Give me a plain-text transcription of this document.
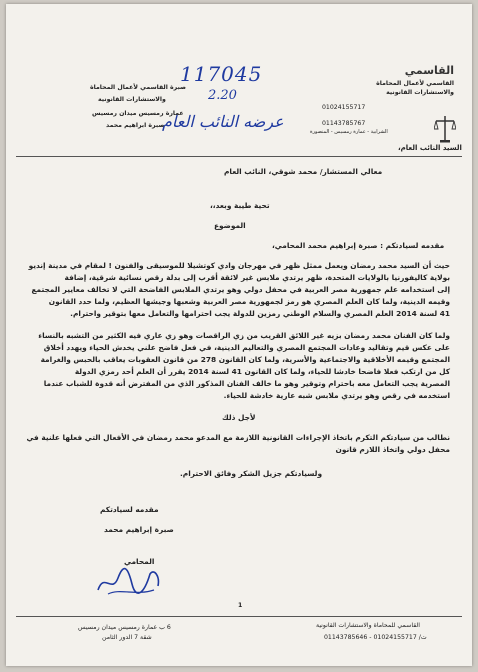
القاسمي
القاسمي لأعمال المحاماة
والاستشارات القانونية
01024155717
01143785767
الشرابية - عمارة رمسيس - المنصورة
صبرة القاسمي لأعمال المحاماة
والاستشارات القانونية
عمارة رمسيس ميدان رمسيس
صبرة ابراهيم محمد
117045
2.20
عرضه النائب العام
السيد النائب العام،
معالي المستشار/ محمد شوقي، النائب العام
تحية طيبة وبعد،،
الموضوع
مقدمه لسيادتكم : صبرة إبراهيم محمد المحامي،
حيث أن السيد محمد رمضان ويعمل ممثل ظهر في مهرجان وادي كوتشيلا للموسيقى والفنون ! لمقام في مدينة إنديو
بولاية كاليفورنيا بالولايات المتحدة، ظهر يرتدي ملابس غير لائقة أقرب إلى بدلة رقص نسائية شرقية، إضافة
إلى استخدامه علم جمهورية مصر العربية في محفل دولي وهو يرتدي الملابس الفاضحة التي لا تخالف معايير المجتمع
وقيمه الدينية، ولما كان العلم المصري هو رمز لجمهورية مصر العربية وشعبها وجيشها العظيم، ولما حدد القانون
41 لسنة 2014 العلم المصري والسلام الوطني رمزين للدولة يجب احترامها والتعامل معها بتوقير واحترام.
ولما كان الفنان محمد رمضان بزيه غير اللائق القريب من زي الراقصات وهو زي عاري فيه الكثير من التشبه بالنساء
على عكس قيم وتقاليد وعادات المجتمع المصري والتعاليم الدينية، في فعل فاضح علني يخدش الحياء ويهدد أخلاق
المجتمع وقيمه الأخلاقية والاجتماعية والأسرية، ولما كان القانون 278 من قانون العقوبات يعاقب بالحبس والغرامة
كل من ارتكب فعلا فاضحا خادشا للحياء، ولما كان القانون 41 لسنة 2014 يقرر أن العلم أحد رمزي الدولة
المصرية يجب التعامل معه باحترام وتوقير وهو ما خالف الفنان المذكور الذي من المفترض أنه قدوة للشباب عندما
استخدمه في رقص وهو يرتدي ملابس شبه عارية خادشة للحياء.
لأجل ذلك
نطالب من سيادتكم التكرم باتخاذ الإجراءات القانونية اللازمة مع المدعو محمد رمضان في الأفعال التي فعلها علنية في
محفل دولي واتخاذ اللازم قانون
ولسيادتكم جزيل الشكر وفائق الاحترام.
مقدمه لسيادتكم
صبرة إبراهيم محمد
المحامي
1
6 ب عمارة رمسيس ميدان رمسيس
شقة 7 الدور الثامن
القاسمي للمحاماة والاستشارات القانونية
ت/ 01024155717 - 01143785646
